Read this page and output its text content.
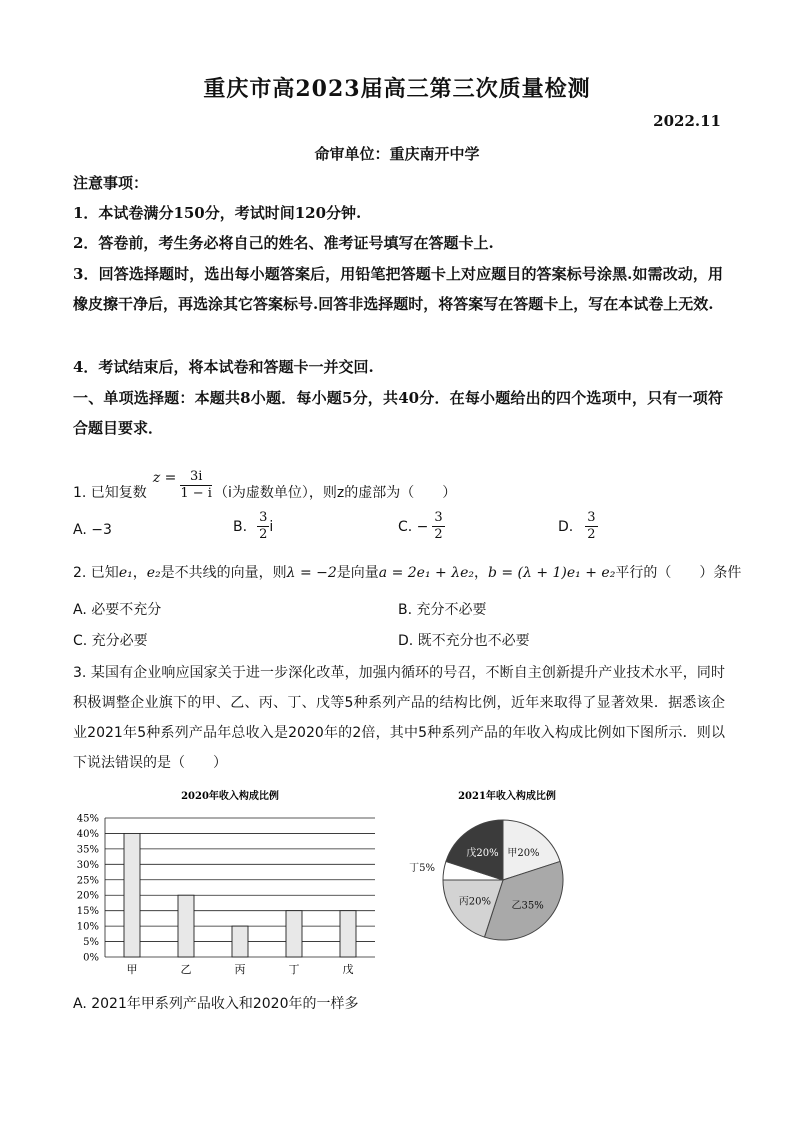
重庆市高2023届高三第三次质量检测
2022.11
命审单位：重庆南开中学
注意事项：
1．本试卷满分150分，考试时间120分钟.
2．答卷前，考生务必将自己的姓名、准考证号填写在答题卡上.
3．回答选择题时，选出每小题答案后，用铅笔把答题卡上对应题目的答案标号涂黑.如需改动，用橡皮擦干净后，再选涂其它答案标号.回答非选择题时，将答案写在答题卡上，写在本试卷上无效.
4．考试结束后，将本试卷和答题卡一并交回.
一、单项选择题：本题共8小题．每小题5分，共40分．在每小题给出的四个选项中，只有一项符合题目要求．
1. 已知复数
$z = \frac{3i}{1 - i} (i$为虚数单位），则z的虚部为（　　）
A. −3	B. $\frac{3}{2}$ i	C. − $\frac{3}{2}$	D. $\frac{3}{2}$
2. 已知e₁，e₂是不共线的向量，则λ = −2是向量a = 2e₁ + λe₂，b = (λ + 1)e₁ + e₂平行的（　　）条件
A. 必要不充分	B. 充分不必要
C. 充分必要	D. 既不充分也不必要
3. 某国有企业响应国家关于进一步深化改革，加强内循环的号召，不断自主创新提升产业技术水平，同时积极调整企业旗下的甲、乙、丙、丁、戊等5种系列产品的结构比例，近年来取得了显著效果．据悉该企业2021年5种系列产品年总收入是2020年的2倍，其中5种系列产品的年收入构成比例如下图所示．则以下说法错误的是（　　）
2020年收入构成比例
0%
5%
10%
15%
20%
25%
30%
35%
40%
45%
甲	乙	丙	丁	戊
2021年收入构成比例
甲20%
乙35%
丙20%
丁5%
戊20%
A. 2021年甲系列产品收入和2020年的一样多
